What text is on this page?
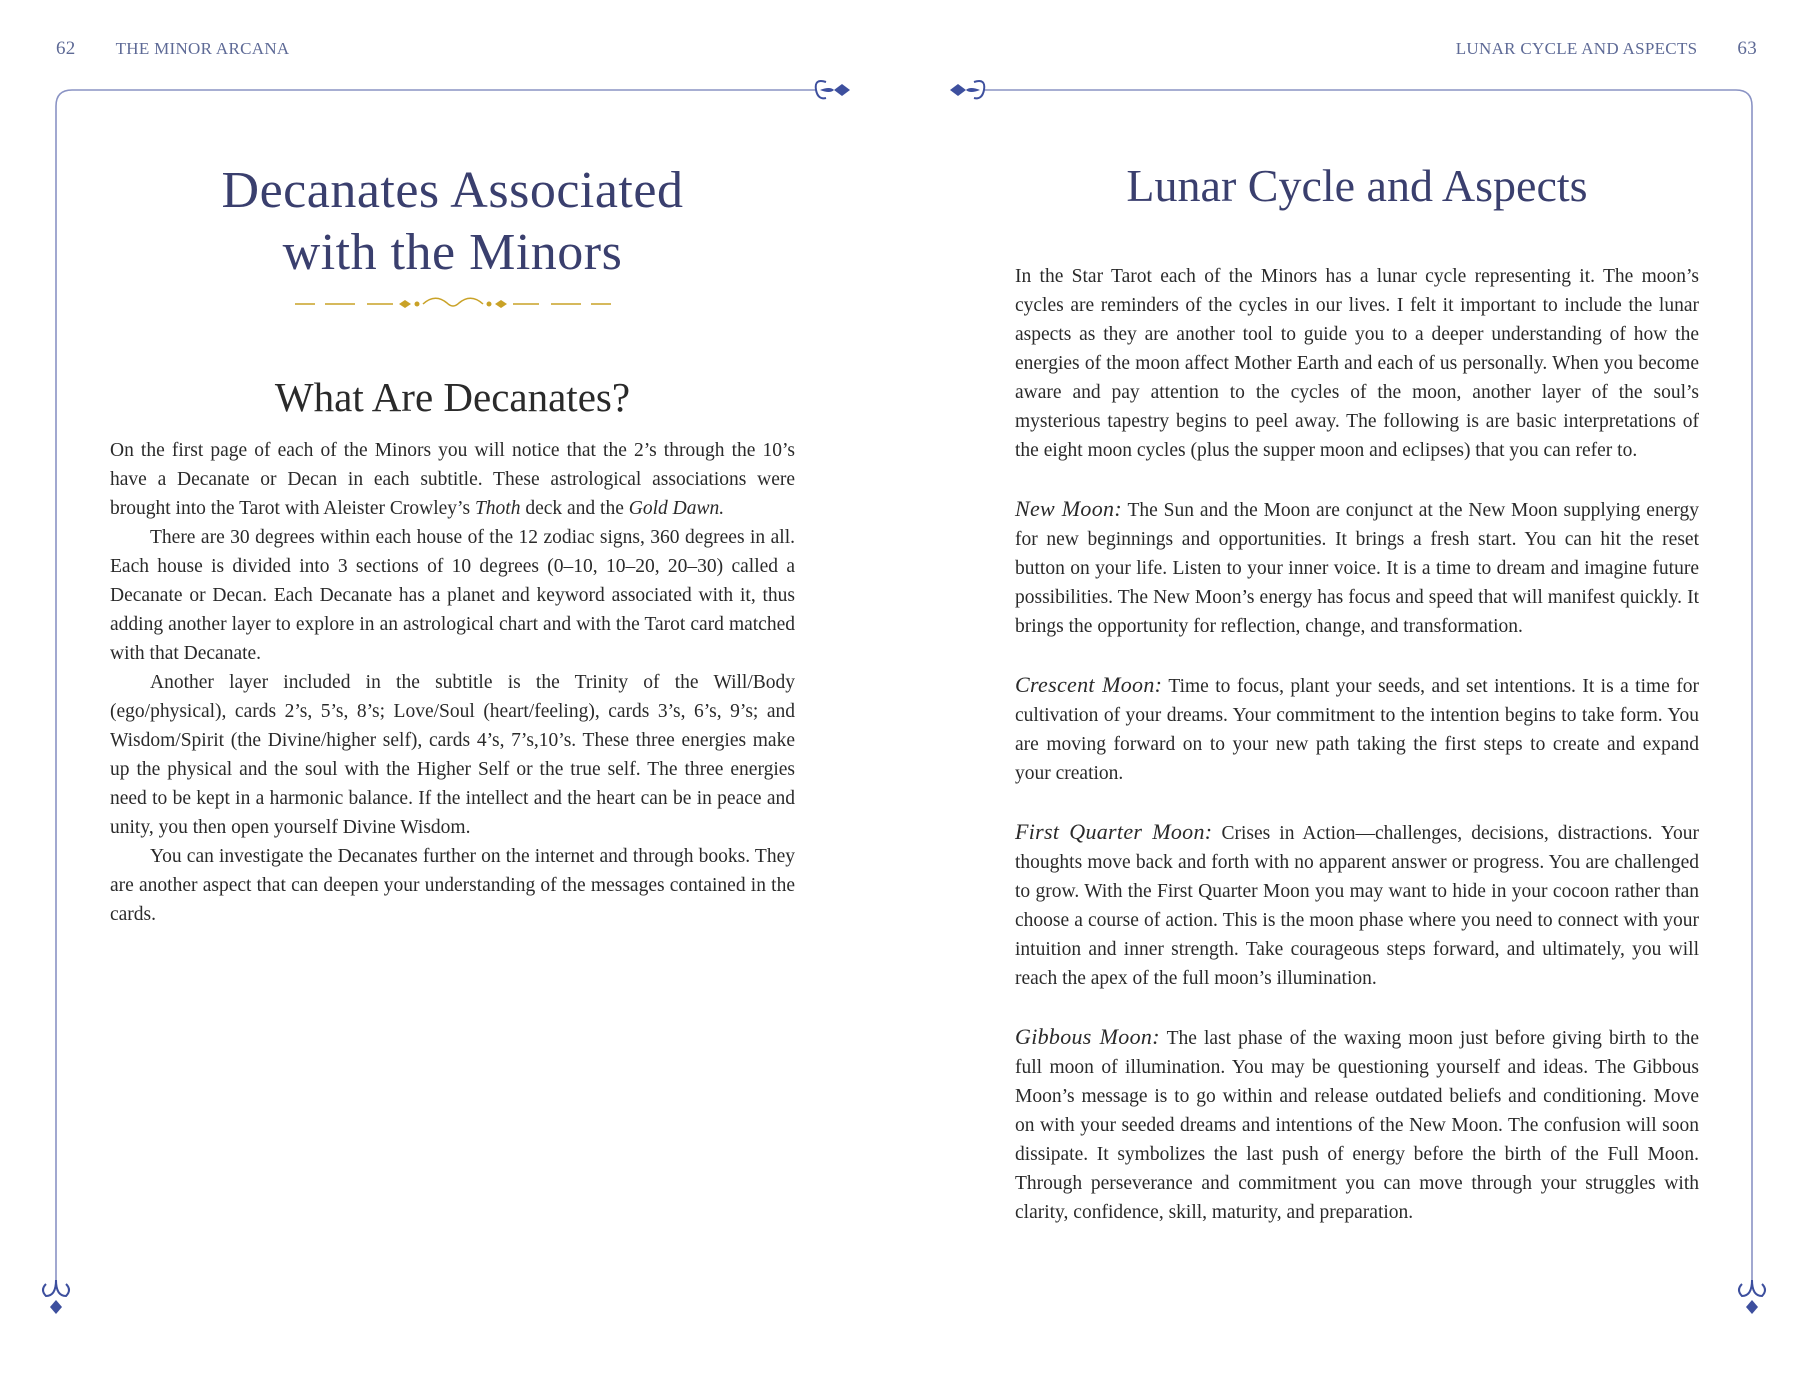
62 THE MINOR ARCANA	LUNAR CYCLE AND ASPECTS 63
Decanates Associated
with the Minors
What Are Decanates?

On the first page of each of the Minors you will notice that the 2’s through the 10’s have a Decanate or Decan in each subtitle. These astrological associations were brought into the Tarot with Aleister Crowley’s Thoth deck and the Gold Dawn.

There are 30 degrees within each house of the 12 zodiac signs, 360 degrees in all. Each house is divided into 3 sections of 10 degrees (0–10, 10–20, 20–30) called a Decanate or Decan. Each Decanate has a planet and keyword associated with it, thus adding another layer to explore in an astrological chart and with the Tarot card matched with that Decanate.

Another layer included in the subtitle is the Trinity of the Will/Body (ego/physical), cards 2’s, 5’s, 8’s; Love/Soul (heart/feeling), cards 3’s, 6’s, 9’s; and Wisdom/Spirit (the Divine/higher self), cards 4’s, 7’s,10’s. These three energies make up the physical and the soul with the Higher Self or the true self. The three energies need to be kept in a harmonic balance. If the intellect and the heart can be in peace and unity, you then open yourself Divine Wisdom.

You can investigate the Decanates further on the internet and through books. They are another aspect that can deepen your understanding of the messages contained in the cards.

Lunar Cycle and Aspects

In the Star Tarot each of the Minors has a lunar cycle representing it. The moon’s cycles are reminders of the cycles in our lives. I felt it important to include the lunar aspects as they are another tool to guide you to a deeper understanding of how the energies of the moon affect Mother Earth and each of us personally. When you become aware and pay attention to the cycles of the moon, another layer of the soul’s mysterious tapestry begins to peel away. The following is are basic interpretations of the eight moon cycles (plus the supper moon and eclipses) that you can refer to.

New Moon: The Sun and the Moon are conjunct at the New Moon supplying energy for new beginnings and opportunities. It brings a fresh start. You can hit the reset button on your life. Listen to your inner voice. It is a time to dream and imagine future possibilities. The New Moon’s energy has focus and speed that will manifest quickly. It brings the opportunity for reflection, change, and transformation.

Crescent Moon: Time to focus, plant your seeds, and set intentions. It is a time for cultivation of your dreams. Your commitment to the intention begins to take form. You are moving forward on to your new path taking the first steps to create and expand your creation.

First Quarter Moon: Crises in Action—challenges, decisions, distractions. Your thoughts move back and forth with no apparent answer or progress. You are challenged to grow. With the First Quarter Moon you may want to hide in your cocoon rather than choose a course of action. This is the moon phase where you need to connect with your intuition and inner strength. Take courageous steps forward, and ultimately, you will reach the apex of the full moon’s illumination.

Gibbous Moon: The last phase of the waxing moon just before giving birth to the full moon of illumination. You may be questioning yourself and ideas. The Gibbous Moon’s message is to go within and release outdated beliefs and conditioning. Move on with your seeded dreams and intentions of the New Moon. The confusion will soon dissipate. It symbolizes the last push of energy before the birth of the Full Moon. Through perseverance and commitment you can move through your struggles with clarity, confidence, skill, maturity, and preparation.
